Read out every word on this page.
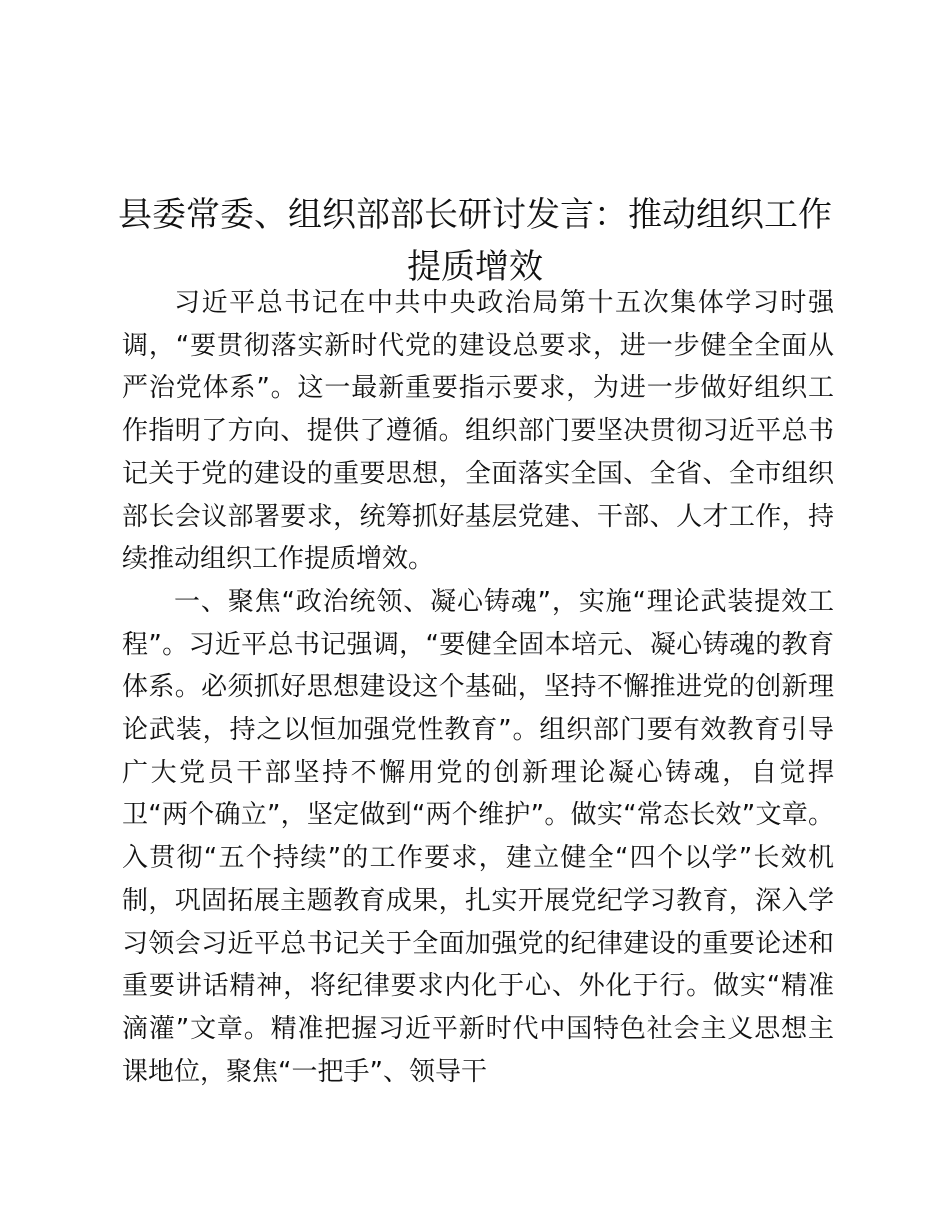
县委常委、组织部部长研讨发言：推动组织工作提质增效

习近平总书记在中共中央政治局第十五次集体学习时强调，“要贯彻落实新时代党的建设总要求，进一步健全全面从严治党体系”。这一最新重要指示要求，为进一步做好组织工作指明了方向、提供了遵循。组织部门要坚决贯彻习近平总书记关于党的建设的重要思想，全面落实全国、全省、全市组织部长会议部署要求，统筹抓好基层党建、干部、人才工作，持续推动组织工作提质增效。

一、聚焦“政治统领、凝心铸魂”，实施“理论武装提效工程”。习近平总书记强调，“要健全固本培元、凝心铸魂的教育体系。必须抓好思想建设这个基础，坚持不懈推进党的创新理论武装，持之以恒加强党性教育”。组织部门要有效教育引导广大党员干部坚持不懈用党的创新理论凝心铸魂，自觉捍卫“两个确立”，坚定做到“两个维护”。做实“常态长效”文章。入贯彻“五个持续”的工作要求，建立健全“四个以学”长效机制，巩固拓展主题教育成果，扎实开展党纪学习教育，深入学习领会习近平总书记关于全面加强党的纪律建设的重要论述和重要讲话精神，将纪律要求内化于心、外化于行。做实“精准滴灌”文章。精准把握习近平新时代中国特色社会主义思想主课地位，聚焦“一把手”、领导干
